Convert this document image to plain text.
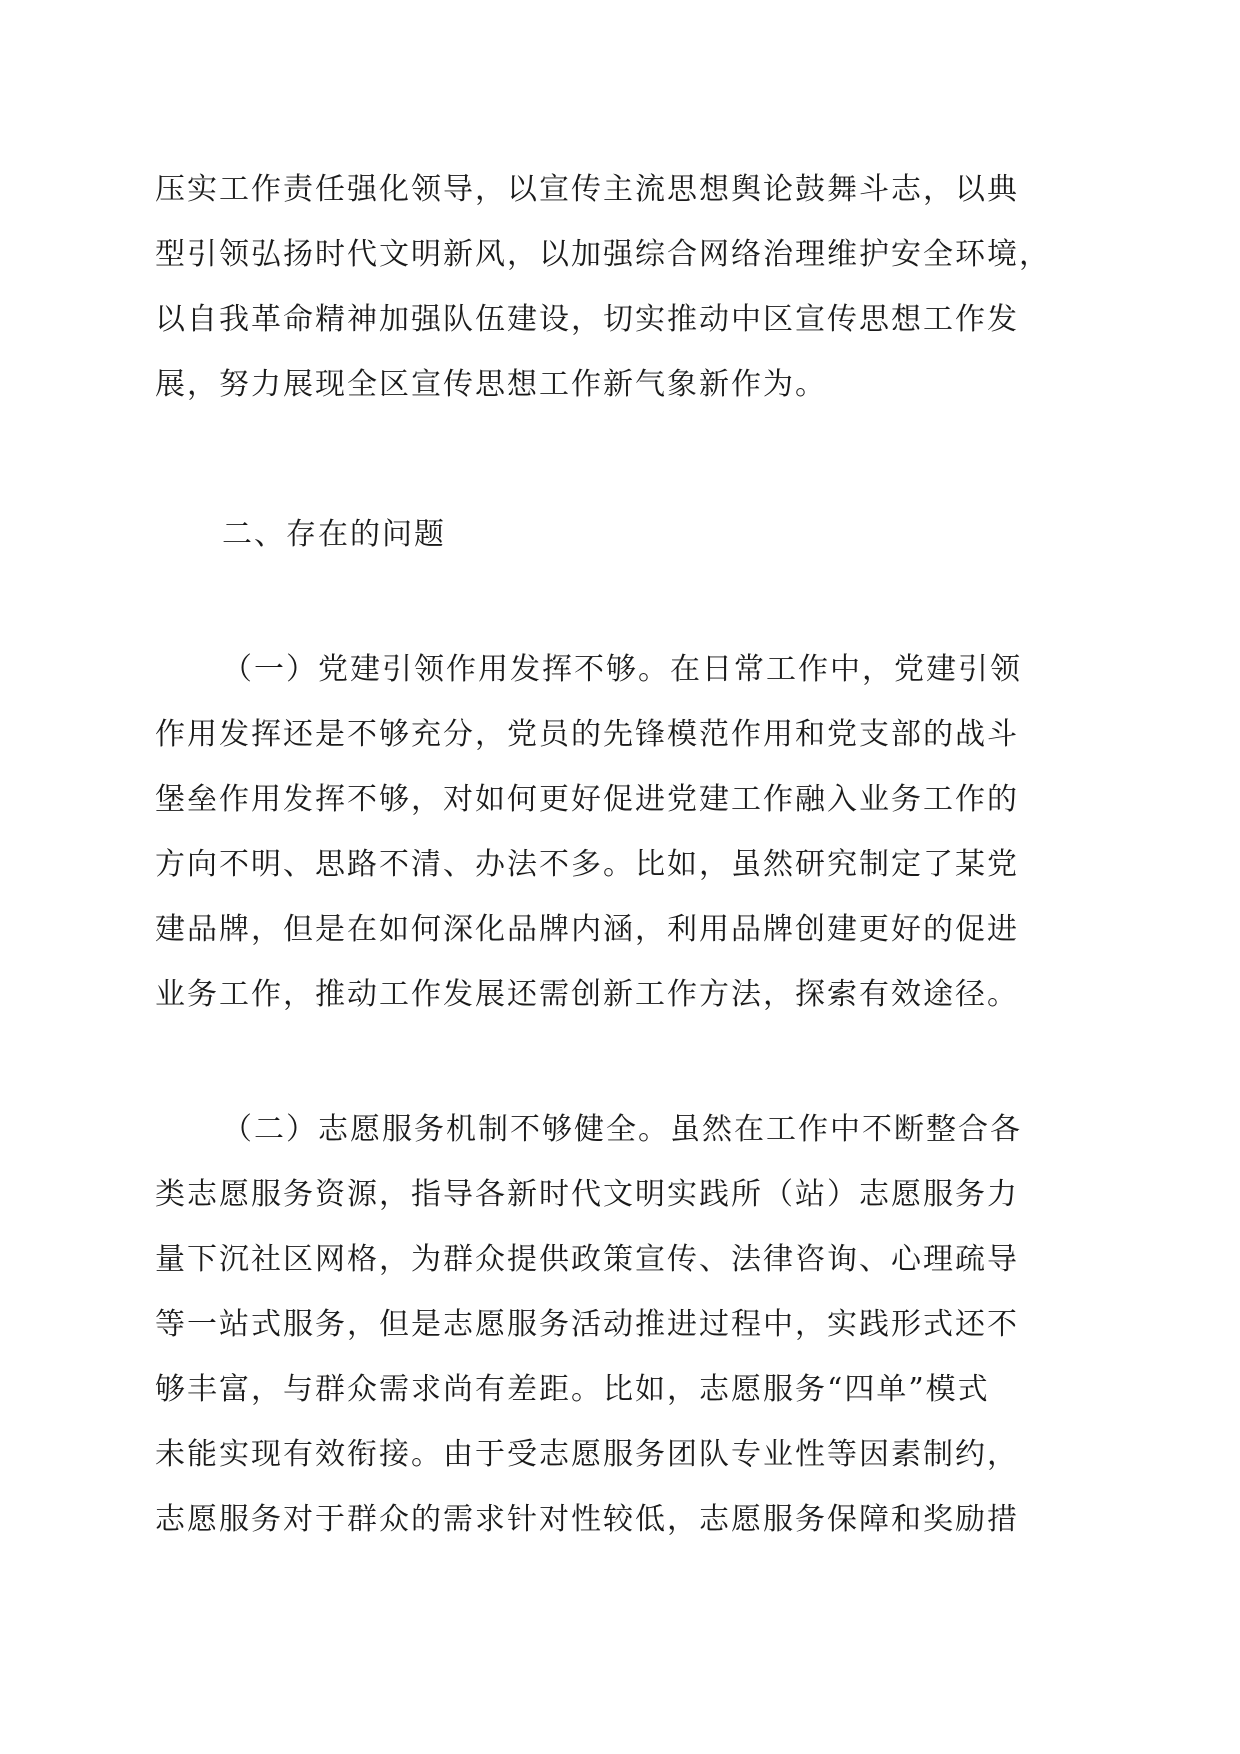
压实工作责任强化领导，以宣传主流思想舆论鼓舞斗志，以典
型引领弘扬时代文明新风，以加强综合网络治理维护安全环境，
以自我革命精神加强队伍建设，切实推动中区宣传思想工作发
展，努力展现全区宣传思想工作新气象新作为。
二、存在的问题
（一）党建引领作用发挥不够。在日常工作中，党建引领
作用发挥还是不够充分，党员的先锋模范作用和党支部的战斗
堡垒作用发挥不够，对如何更好促进党建工作融入业务工作的
方向不明、思路不清、办法不多。比如，虽然研究制定了某党
建品牌，但是在如何深化品牌内涵，利用品牌创建更好的促进
业务工作，推动工作发展还需创新工作方法，探索有效途径。
（二）志愿服务机制不够健全。虽然在工作中不断整合各
类志愿服务资源，指导各新时代文明实践所（站）志愿服务力
量下沉社区网格，为群众提供政策宣传、法律咨询、心理疏导
等一站式服务，但是志愿服务活动推进过程中，实践形式还不
够丰富，与群众需求尚有差距。比如，志愿服务“四单”模式
未能实现有效衔接。由于受志愿服务团队专业性等因素制约，
志愿服务对于群众的需求针对性较低，志愿服务保障和奖励措
